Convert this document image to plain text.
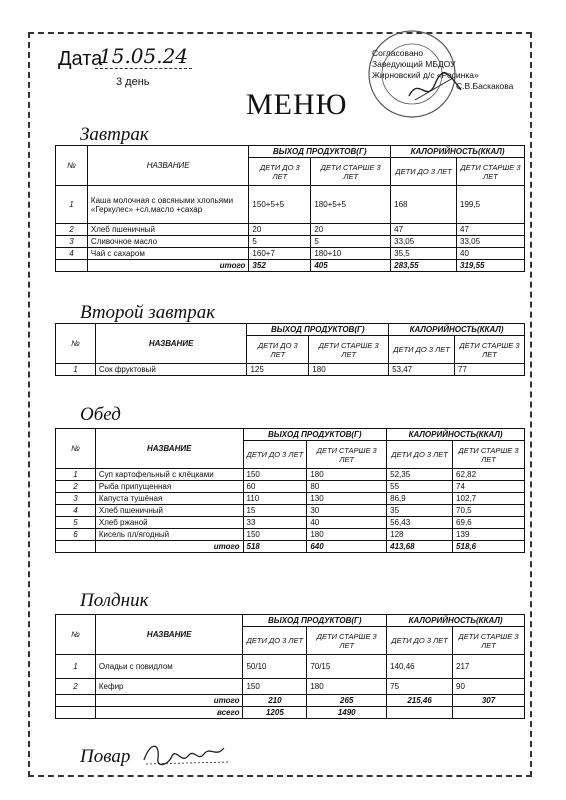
Дата
15.05.24
3 день
Согласовано
Заведующий МБДОУ
Жирновский д/с «Росинка»
С.В.Баскакова
МЕНЮ
Завтрак
№	НАЗВАНИЕ	ВЫХОД ПРОДУКТОВ(Г)		КАЛОРИЙНОСТЬ(ККАЛ)	
		ДЕТИ ДО 3 ЛЕТ	ДЕТИ СТАРШЕ 3 ЛЕТ	ДЕТИ ДО 3 ЛЕТ	ДЕТИ СТАРШЕ 3 ЛЕТ
1	Каша молочная с овсяными хлопьями «Геркулес» +сл.масло +сахар	150+5+5	180+5+5	168	199,5
2	Хлеб пшеничный	20	20	47	47
3	Сливочное масло	5	5	33,05	33,05
4	Чай с сахаром	160+7	180+10	35,5	40
	итого	352	405	283,55	319,55
Второй завтрак
№	НАЗВАНИЕ	ВЫХОД ПРОДУКТОВ(Г)		КАЛОРИЙНОСТЬ(ККАЛ)	
		ДЕТИ ДО 3 ЛЕТ	ДЕТИ СТАРШЕ 3 ЛЕТ	ДЕТИ ДО 3 ЛЕТ	ДЕТИ СТАРШЕ 3 ЛЕТ
1	Сок фруктовый	125	180	53,47	77
Обед
№	НАЗВАНИЕ	ВЫХОД ПРОДУКТОВ(Г)		КАЛОРИЙНОСТЬ(ККАЛ)	
		ДЕТИ ДО 3 ЛЕТ	ДЕТИ СТАРШЕ 3 ЛЕТ	ДЕТИ ДО 3 ЛЕТ	ДЕТИ СТАРШЕ 3 ЛЕТ
1	Суп картофельный с клёцками	150	180	52,35	62,82
2	Рыба припущенная	60	80	55	74
3	Капуста тушёная	110	130	86,9	102,7
4	Хлеб пшеничный	15	30	35	70,5
5	Хлеб ржаной	33	40	56,43	69,6
6	Кисель пл/ягодный	150	180	128	139
	итого	518	640	413,68	518,6
Полдник
№	НАЗВАНИЕ	ВЫХОД ПРОДУКТОВ(Г)		КАЛОРИЙНОСТЬ(ККАЛ)	
		ДЕТИ ДО 3 ЛЕТ	ДЕТИ СТАРШЕ 3 ЛЕТ	ДЕТИ ДО 3 ЛЕТ	ДЕТИ СТАРШЕ 3 ЛЕТ
1	Оладьи с повидлом	50/10	70/15	140,46	217
2	Кефир	150	180	75	90
	итого	210	265	215,46	307
	всего	1205	1490		
Повар
